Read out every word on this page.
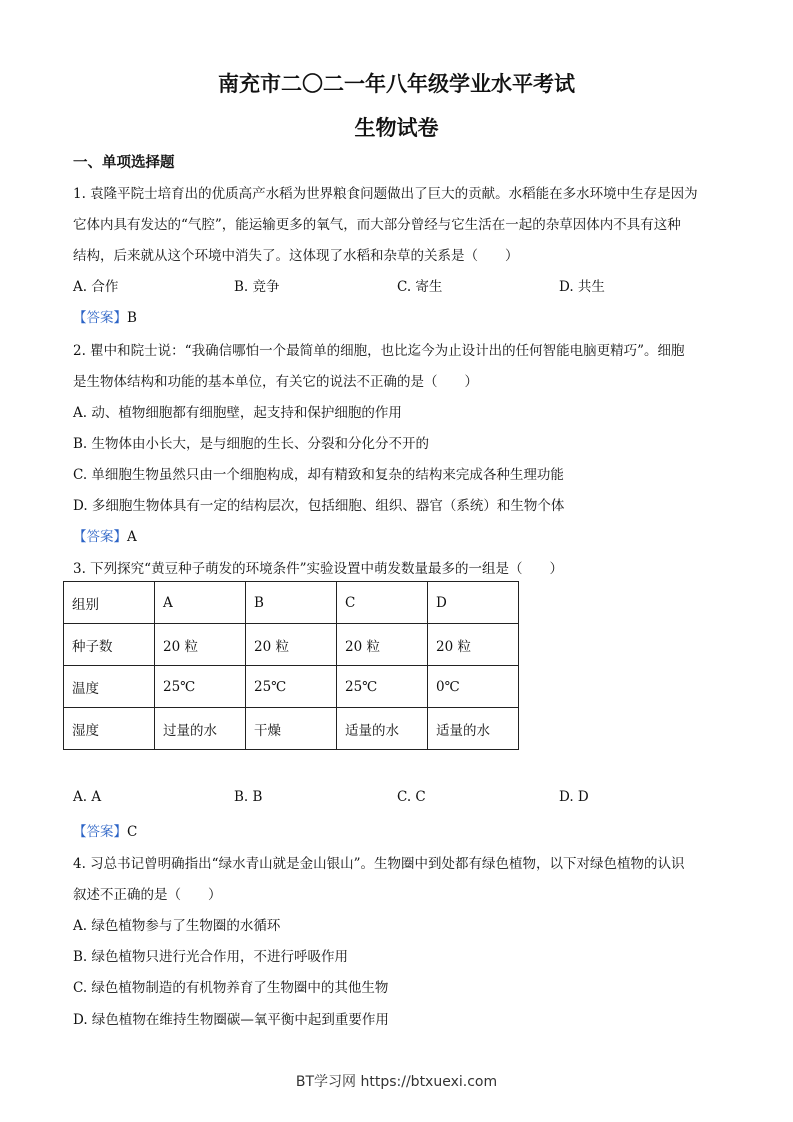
南充市二〇二一年八年级学业水平考试
生物试卷
一、单项选择题
1. 袁隆平院士培育出的优质高产水稻为世界粮食问题做出了巨大的贡献。水稻能在多水环境中生存是因为
它体内具有发达的“气腔”，能运输更多的氧气，而大部分曾经与它生活在一起的杂草因体内不具有这种
结构，后来就从这个环境中消失了。这体现了水稻和杂草的关系是（　　）
A. 合作	B. 竞争	C. 寄生	D. 共生
【答案】B
2. 瞿中和院士说：“我确信哪怕一个最简单的细胞，也比迄今为止设计出的任何智能电脑更精巧”。细胞
是生物体结构和功能的基本单位，有关它的说法不正确的是（　　）
A. 动、植物细胞都有细胞壁，起支持和保护细胞的作用
B. 生物体由小长大，是与细胞的生长、分裂和分化分不开的
C. 单细胞生物虽然只由一个细胞构成，却有精致和复杂的结构来完成各种生理功能
D. 多细胞生物体具有一定的结构层次，包括细胞、组织、器官（系统）和生物个体
【答案】A
3. 下列探究“黄豆种子萌发的环境条件”实验设置中萌发数量最多的一组是（　　）
组别	A	B	C	D
种子数	20 粒	20 粒	20 粒	20 粒
温度	25℃	25℃	25℃	0℃
湿度	过量的水	干燥	适量的水	适量的水
A. A	B. B	C. C	D. D
【答案】C
4. 习总书记曾明确指出“绿水青山就是金山银山”。生物圈中到处都有绿色植物，以下对绿色植物的认识
叙述不正确的是（　　）
A. 绿色植物参与了生物圈的水循环
B. 绿色植物只进行光合作用，不进行呼吸作用
C. 绿色植物制造的有机物养育了生物圈中的其他生物
D. 绿色植物在维持生物圈碳—氧平衡中起到重要作用
BT学习网 https://btxuexi.com
